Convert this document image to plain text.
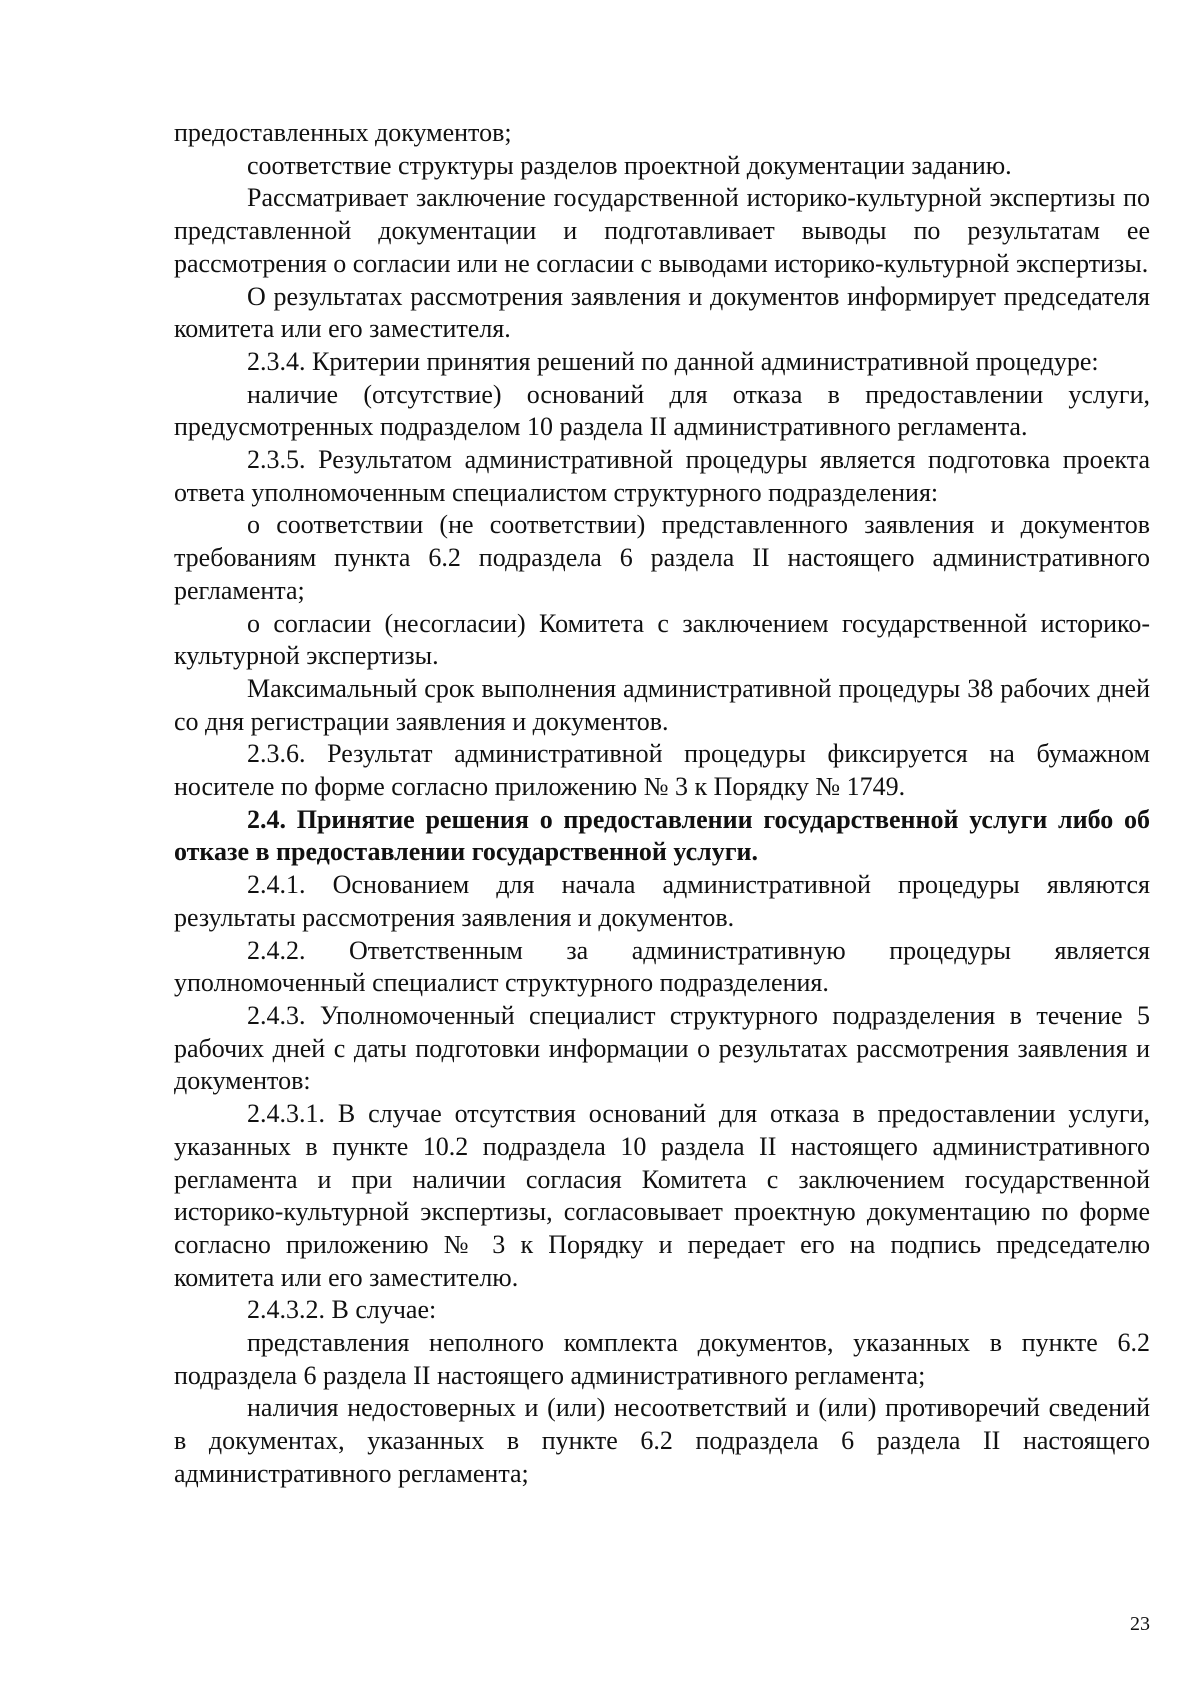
предоставленных документов;

соответствие структуры разделов проектной документации заданию.

Рассматривает заключение государственной историко-культурной экспертизы по представленной документации и подготавливает выводы по результатам ее рассмотрения о согласии или не согласии с выводами историко-культурной экспертизы.

О результатах рассмотрения заявления и документов информирует председателя комитета или его заместителя.

2.3.4. Критерии принятия решений по данной административной процедуре:

наличие (отсутствие) оснований для отказа в предоставлении услуги, предусмотренных подразделом 10 раздела II административного регламента.

2.3.5. Результатом административной процедуры является подготовка проекта ответа уполномоченным специалистом структурного подразделения:

о соответствии (не соответствии) представленного заявления и документов требованиям пункта 6.2 подраздела 6 раздела II настоящего административного регламента;

о согласии (несогласии) Комитета с заключением государственной историко-культурной экспертизы.

Максимальный срок выполнения административной процедуры 38 рабочих дней со дня регистрации заявления и документов.

2.3.6. Результат административной процедуры фиксируется на бумажном носителе по форме согласно приложению № 3 к Порядку № 1749.

2.4. Принятие решения о предоставлении государственной услуги либо об отказе в предоставлении государственной услуги.

2.4.1. Основанием для начала административной процедуры являются результаты рассмотрения заявления и документов.

2.4.2. Ответственным за административную процедуры является уполномоченный специалист структурного подразделения.

2.4.3. Уполномоченный специалист структурного подразделения в течение 5 рабочих дней с даты подготовки информации о результатах рассмотрения заявления и документов:

2.4.3.1. В случае отсутствия оснований для отказа в предоставлении услуги, указанных в пункте 10.2 подраздела 10 раздела II настоящего административного регламента и при наличии согласия Комитета с заключением государственной историко-культурной экспертизы, согласовывает проектную документацию по форме согласно приложению № 3 к Порядку и передает его на подпись председателю комитета или его заместителю.

2.4.3.2. В случае:

представления неполного комплекта документов, указанных в пункте 6.2 подраздела 6 раздела II настоящего административного регламента;

наличия недостоверных и (или) несоответствий и (или) противоречий сведений в документах, указанных в пункте 6.2 подраздела 6 раздела II настоящего административного регламента;

23
